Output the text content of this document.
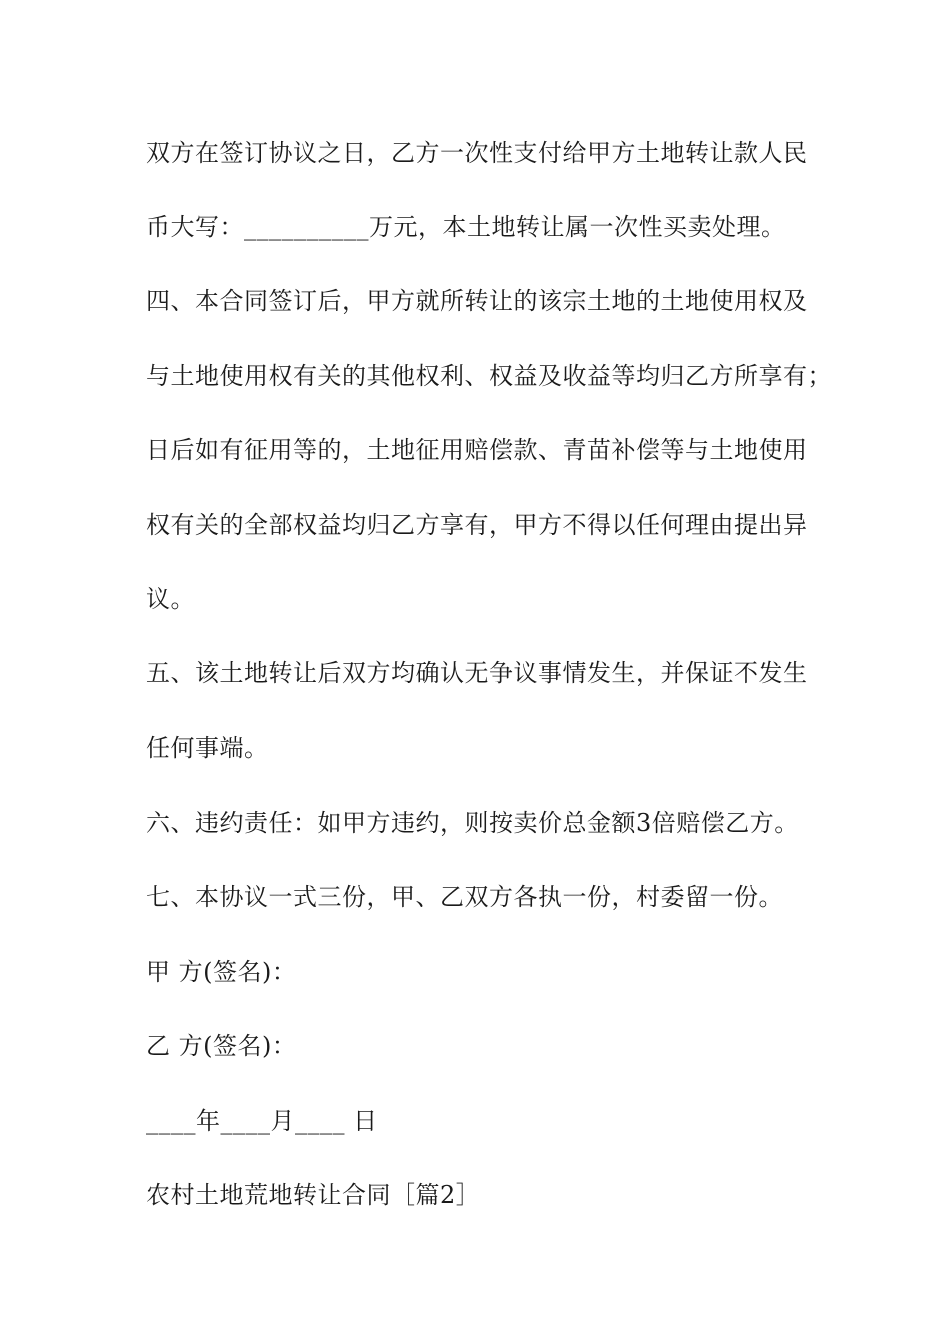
双方在签订协议之日，乙方一次性支付给甲方土地转让款人民
币大写：__________万元，本土地转让属一次性买卖处理。
四、本合同签订后，甲方就所转让的该宗土地的土地使用权及
与土地使用权有关的其他权利、权益及收益等均归乙方所享有；
日后如有征用等的，土地征用赔偿款、青苗补偿等与土地使用
权有关的全部权益均归乙方享有，甲方不得以任何理由提出异
议。
五、该土地转让后双方均确认无争议事情发生，并保证不发生
任何事端。
六、违约责任：如甲方违约，则按卖价总金额3倍赔偿乙方。
七、本协议一式三份，甲、乙双方各执一份，村委留一份。
甲 方(签名)：
乙 方(签名)：
____年____月____ 日
农村土地荒地转让合同［篇2］
